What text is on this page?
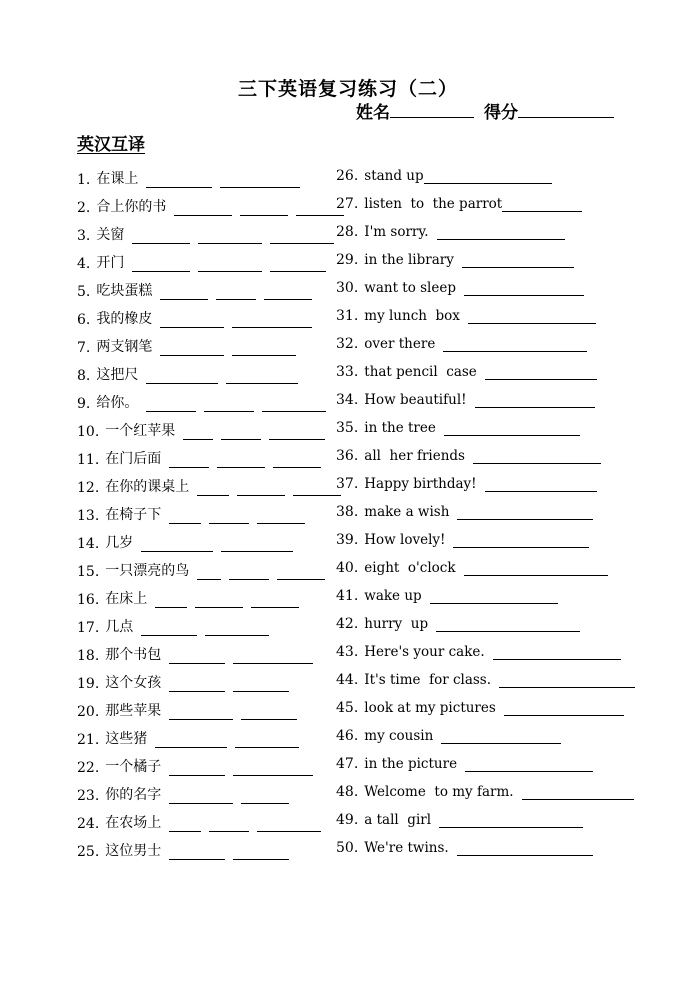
三下英语复习练习（二）
姓名	得分
英汉互译
1. 在课上	26. stand up
2. 合上你的书	27. listen  to  the parrot
3. 关窗	28. I'm sorry.
4. 开门	29. in the library
5. 吃块蛋糕	30. want to sleep
6. 我的橡皮	31. my lunch  box
7. 两支钢笔	32. over there
8. 这把尺	33. that pencil  case
9. 给你。	34. How beautiful!
10. 一个红苹果	35. in the tree
11. 在门后面	36. all  her friends
12. 在你的课桌上	37. Happy birthday!
13. 在椅子下	38. make a wish
14. 几岁	39. How lovely!
15. 一只漂亮的鸟	40. eight  o'clock
16. 在床上	41. wake up
17. 几点	42. hurry  up
18. 那个书包	43. Here's your cake.
19. 这个女孩	44. It's time  for class.
20. 那些苹果	45. look at my pictures
21. 这些猪	46. my cousin
22. 一个橘子	47. in the picture
23. 你的名字	48. Welcome  to my farm.
24. 在农场上	49. a tall  girl
25. 这位男士	50. We're twins.
